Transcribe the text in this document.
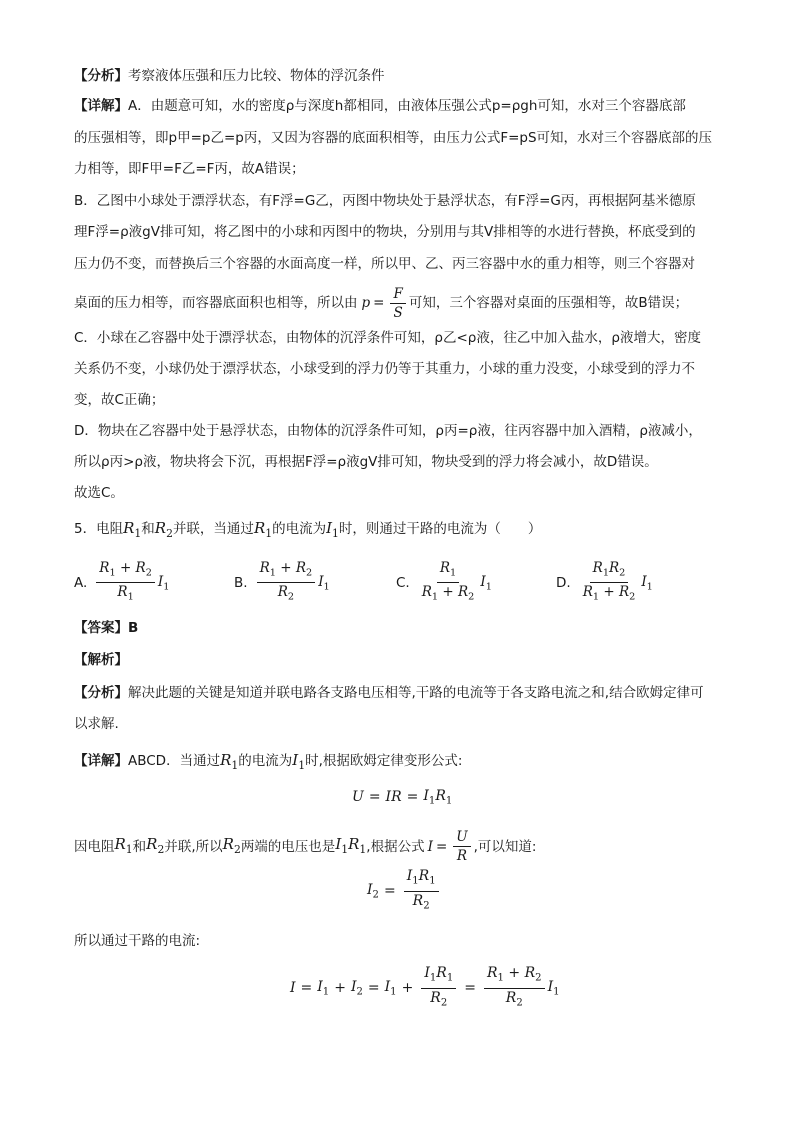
【分析】考察液体压强和压力比较、物体的浮沉条件
【详解】A．由题意可知，水的密度ρ与深度h都相同，由液体压强公式p=ρgh可知，水对三个容器底部
的压强相等，即p甲=p乙=p丙，又因为容器的底面积相等，由压力公式F=pS可知，水对三个容器底部的压
力相等，即F甲=F乙=F丙，故A错误；
B．乙图中小球处于漂浮状态，有F浮=G乙，丙图中物块处于悬浮状态，有F浮=G丙，再根据阿基米德原
理F浮=ρ液gV排可知，将乙图中的小球和丙图中的物块，分别用与其V排相等的水进行替换，杯底受到的
压力仍不变，而替换后三个容器的水面高度一样，所以甲、乙、丙三容器中水的重力相等，则三个容器对
桌面的压力相等，而容器底面积也相等，所以由 $p = \frac{F}{S}$ 可知，三个容器对桌面的压强相等，故B错误；
C．小球在乙容器中处于漂浮状态，由物体的沉浮条件可知，ρ乙<ρ液，往乙中加入盐水，ρ液增大，密度
关系仍不变，小球仍处于漂浮状态，小球受到的浮力仍等于其重力，小球的重力没变，小球受到的浮力不
变，故C正确；
D．物块在乙容器中处于悬浮状态，由物体的沉浮条件可知，ρ丙=ρ液，往丙容器中加入酒精，ρ液减小，
所以ρ丙>ρ液，物块将会下沉，再根据F浮=ρ液gV排可知，物块受到的浮力将会减小，故D错误。
故选C。
5．电阻$R_1$和$R_2$并联，当通过$R_1$的电流为$I_1$时，则通过干路的电流为（　　）
A. $\frac{R_1 + R_2}{R_1} I_1$	B. $\frac{R_1 + R_2}{R_2} I_1$	C. $\frac{R_1}{R_1 + R_2} I_1$	D. $\frac{R_1R_2}{R_1 + R_2} I_1$
【答案】B
【解析】
【分析】解决此题的关键是知道并联电路各支路电压相等,干路的电流等于各支路电流之和,结合欧姆定律可
以求解.
【详解】ABCD．当通过$R_1$的电流为$I_1$时,根据欧姆定律变形公式:
U = IR = $I_1R_1$
因电阻 $R_1$ 和 $R_2$ 并联,所以 $R_2$ 两端的电压也是 $I_1R_1$ ,根据公式 $I = \frac{U}{R}$ ,可以知道:
$I_2 = \frac{I_1R_1}{R_2}$
所以通过干路的电流:
$I = I_1 + I_2 = I_1 + \frac{I_1R_1}{R_2} = \frac{R_1 + R_2}{R_2} I_1$
